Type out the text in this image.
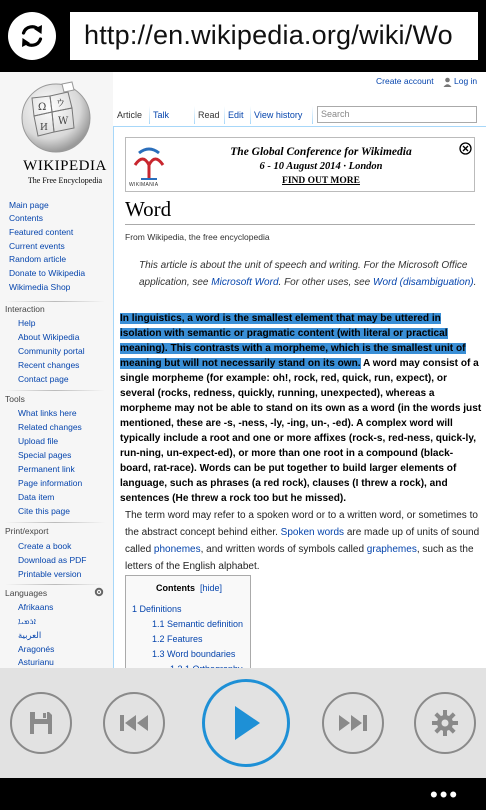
http://en.wikipedia.org/wiki/Wo
Ω
W
И
ウ
WIKIPEDIA
The Free Encyclopedia
Main page
Contents
Featured content
Current events
Random article
Donate to Wikipedia
Wikimedia Shop
Interaction
Help
About Wikipedia
Community portal
Recent changes
Contact page
Tools
What links here
Related changes
Upload file
Special pages
Permanent link
Page information
Data item
Cite this page
Print/export
Create a book
Download as PDF
Printable version
Languages
Afrikaans
ܐܪܡܝܐ
العربية
Aragonés
Asturianu
Create account Log in
Article Talk	Read Edit View history Search
WIKIMANIA
The Global Conference for Wikimedia
6 - 10 August 2014 · London
FIND OUT MORE
Word
From Wikipedia, the free encyclopedia
This article is about the unit of speech and writing. For the Microsoft Office application, see Microsoft Word. For other uses, see Word (disambiguation).
In linguistics, a word is the smallest element that may be uttered in isolation with semantic or pragmatic content (with literal or practical meaning). This contrasts with a morpheme, which is the smallest unit of meaning but will not necessarily stand on its own. A word may consist of a single morpheme (for example: oh!, rock, red, quick, run, expect), or several (rocks, redness, quickly, running, unexpected), whereas a morpheme may not be able to stand on its own as a word (in the words just mentioned, these are -s, -ness, -ly, -ing, un-, -ed). A complex word will typically include a root and one or more affixes (rock-s, red-ness, quick-ly, run-ning, un-expect-ed), or more than one root in a compound (black-board, rat-race). Words can be put together to build larger elements of language, such as phrases (a red rock), clauses (I threw a rock), and sentences (He threw a rock too but he missed).
The term word may refer to a spoken word or to a written word, or sometimes to the abstract concept behind either. Spoken words are made up of units of sound called phonemes, and written words of symbols called graphemes, such as the letters of the English alphabet.
Contents [hide]
1 Definitions
1.1 Semantic definition
1.2 Features
1.3 Word boundaries
•••
